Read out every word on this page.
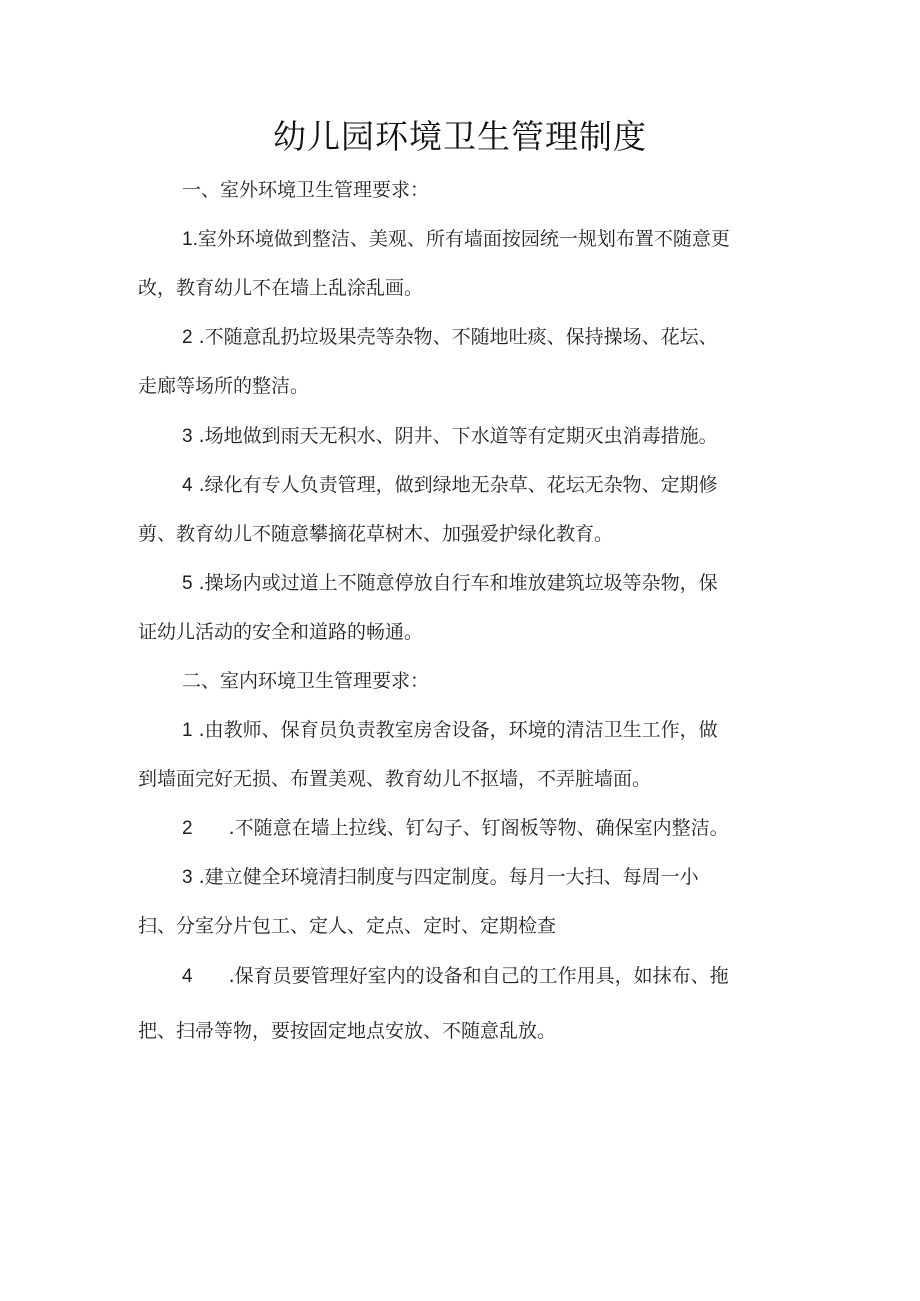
幼儿园环境卫生管理制度
一、室外环境卫生管理要求：
1.室外环境做到整洁、美观、所有墙面按园统一规划布置不随意更
改，教育幼儿不在墙上乱涂乱画。
2 .不随意乱扔垃圾果壳等杂物、不随地吐痰、保持操场、花坛、
走廊等场所的整洁。
3 .场地做到雨天无积水、阴井、下水道等有定期灭虫消毒措施。
4 .绿化有专人负责管理，做到绿地无杂草、花坛无杂物、定期修
剪、教育幼儿不随意攀摘花草树木、加强爱护绿化教育。
5 .操场内或过道上不随意停放自行车和堆放建筑垃圾等杂物，保
证幼儿活动的安全和道路的畅通。
二、室内环境卫生管理要求：
1 .由教师、保育员负责教室房舍设备，环境的清洁卫生工作，做
到墙面完好无损、布置美观、教育幼儿不抠墙，不弄脏墙面。
2 .不随意在墙上拉线、钉勾子、钉阁板等物、确保室内整洁。
3 .建立健全环境清扫制度与四定制度。每月一大扫、每周一小
扫、分室分片包工、定人、定点、定时、定期检查
4 .保育员要管理好室内的设备和自己的工作用具，如抹布、拖
把、扫帚等物，要按固定地点安放、不随意乱放。
